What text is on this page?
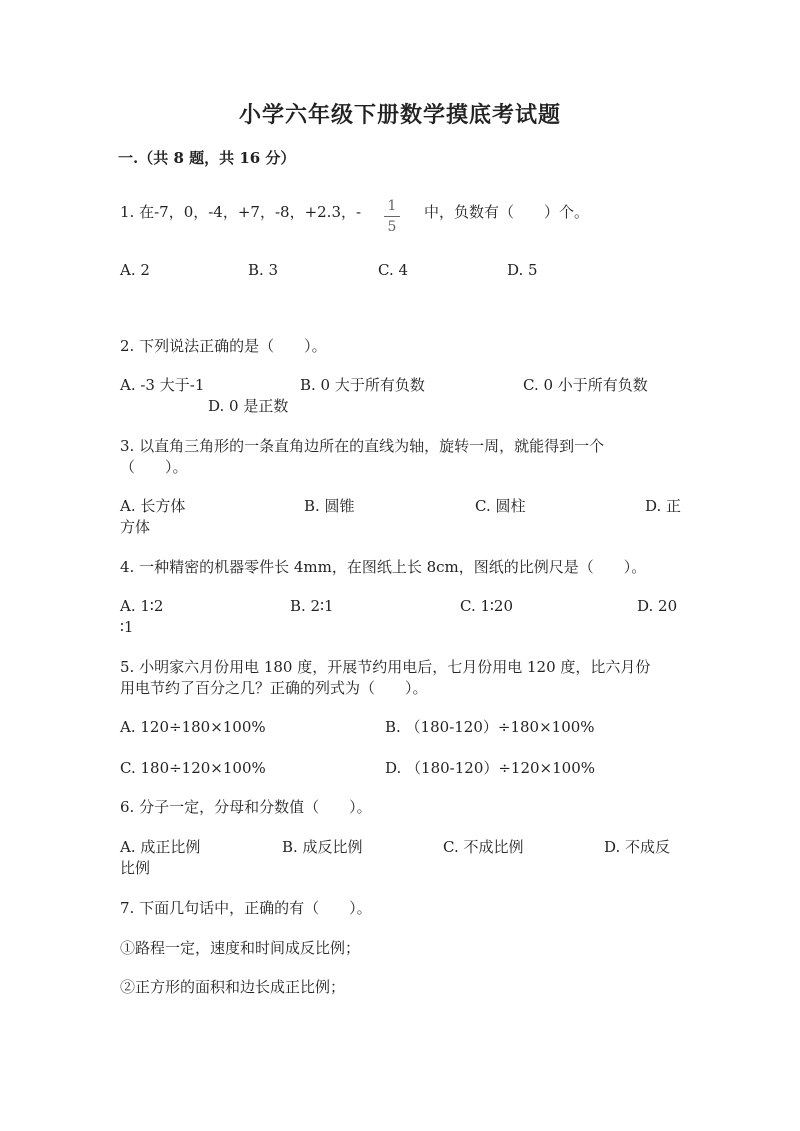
小学六年级下册数学摸底考试题
一.（共 8 题，共 16 分）
1. 在-7，0，-4，+7，-8，+2.3，-	1
5
中，负数有（　　）个。
A. 2	B. 3	C. 4	D. 5
2. 下列说法正确的是（　　）。
A. -3 大于-1	B. 0 大于所有负数	C. 0 小于所有负数
D. 0 是正数
3. 以直角三角形的一条直角边所在的直线为轴，旋转一周，就能得到一个
（　　）。
A. 长方体	B. 圆锥	C. 圆柱	D. 正
方体
4. 一种精密的机器零件长 4mm，在图纸上长 8cm，图纸的比例尺是（　　）。
A. 1∶2	B. 2∶1	C. 1∶20	D. 20
∶1
5. 小明家六月份用电 180 度，开展节约用电后，七月份用电 120 度，比六月份
用电节约了百分之几？正确的列式为（　　）。
A. 120÷180×100%	B. （180-120）÷180×100%
C. 180÷120×100%	D. （180-120）÷120×100%
6. 分子一定，分母和分数值（　　）。
A. 成正比例	B. 成反比例	C. 不成比例	D. 不成反
比例
7. 下面几句话中，正确的有（　　）。
①路程一定，速度和时间成反比例；
②正方形的面积和边长成正比例；
